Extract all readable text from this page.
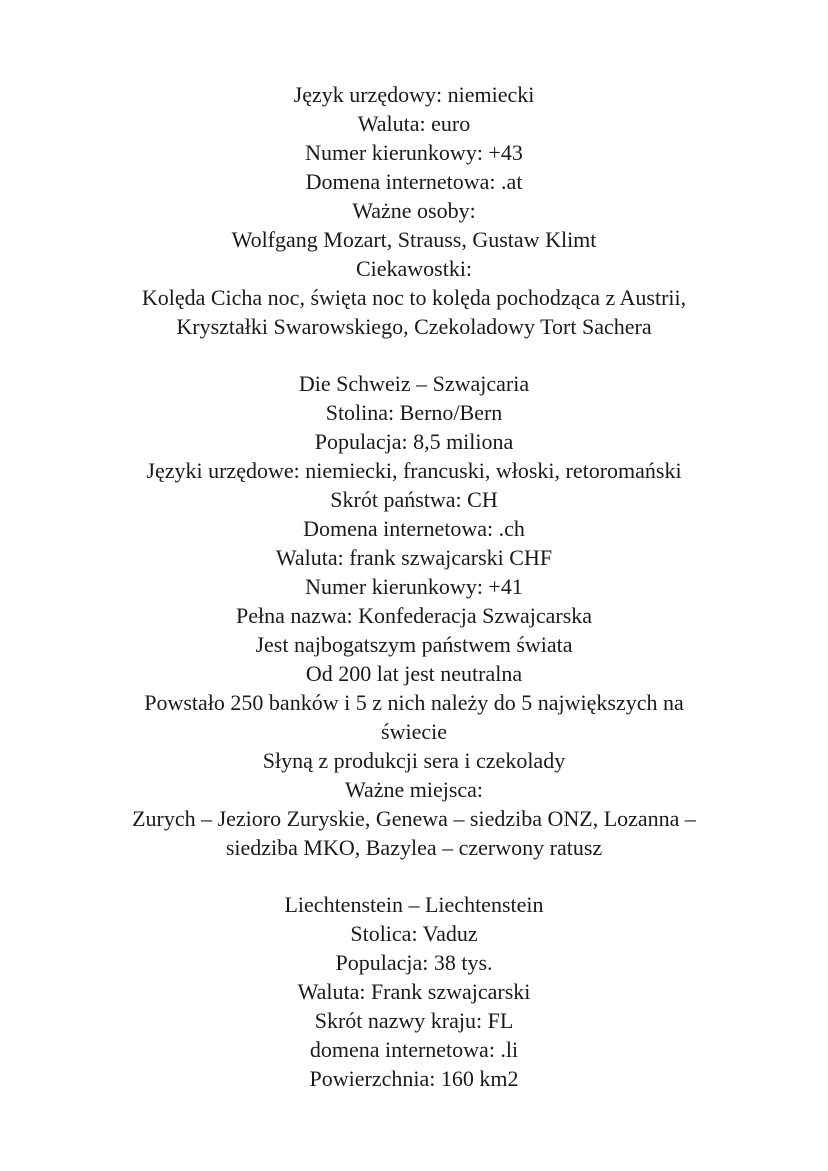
Język urzędowy: niemiecki
Waluta: euro
Numer kierunkowy: +43
Domena internetowa: .at
Ważne osoby:
Wolfgang Mozart, Strauss, Gustaw Klimt
Ciekawostki:
Kolęda Cicha noc, święta noc to kolęda pochodząca z Austrii,
Kryształki Swarowskiego, Czekoladowy Tort Sachera
Die Schweiz – Szwajcaria
Stolina: Berno/Bern
Populacja: 8,5 miliona
Języki urzędowe: niemiecki, francuski, włoski, retoromański
Skrót państwa: CH
Domena internetowa: .ch
Waluta: frank szwajcarski CHF
Numer kierunkowy: +41
Pełna nazwa: Konfederacja Szwajcarska
Jest najbogatszym państwem świata
Od 200 lat jest neutralna
Powstało 250 banków i 5 z nich należy do 5 największych na
świecie
Słyną z produkcji sera i czekolady
Ważne miejsca:
Zurych – Jezioro Zuryskie, Genewa – siedziba ONZ, Lozanna –
siedziba MKO, Bazylea – czerwony ratusz
Liechtenstein – Liechtenstein
Stolica: Vaduz
Populacja: 38 tys.
Waluta: Frank szwajcarski
Skrót nazwy kraju: FL
domena internetowa: .li
Powierzchnia: 160 km2
